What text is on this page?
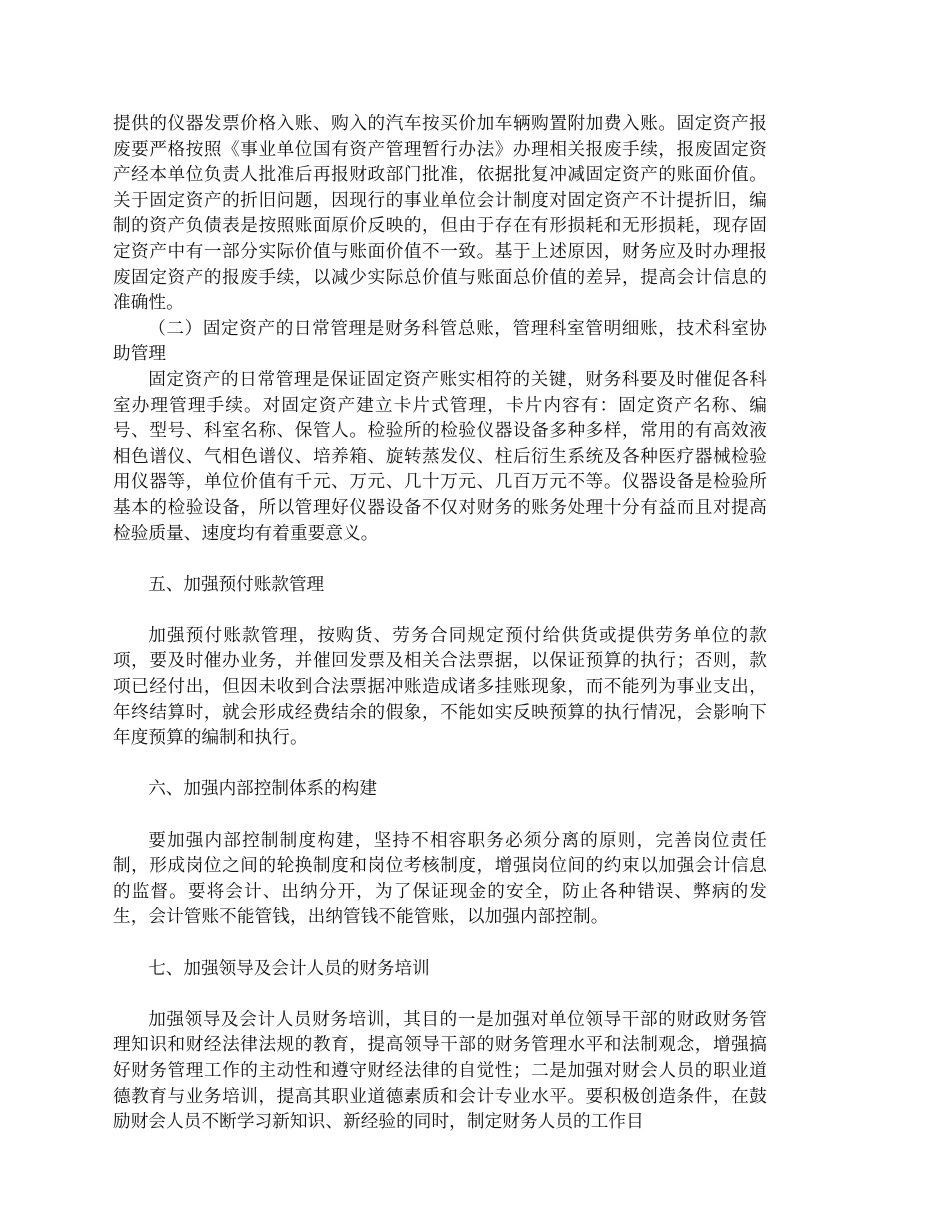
提供的仪器发票价格入账、购入的汽车按买价加车辆购置附加费入账。固定资产报废要严格按照《事业单位国有资产管理暂行办法》办理相关报废手续，报废固定资产经本单位负责人批准后再报财政部门批准，依据批复冲减固定资产的账面价值。关于固定资产的折旧问题，因现行的事业单位会计制度对固定资产不计提折旧，编制的资产负债表是按照账面原价反映的，但由于存在有形损耗和无形损耗，现存固定资产中有一部分实际价值与账面价值不一致。基于上述原因，财务应及时办理报废固定资产的报废手续，以减少实际总价值与账面总价值的差异，提高会计信息的准确性。

（二）固定资产的日常管理是财务科管总账，管理科室管明细账，技术科室协助管理

固定资产的日常管理是保证固定资产账实相符的关键，财务科要及时催促各科室办理管理手续。对固定资产建立卡片式管理，卡片内容有：固定资产名称、编号、型号、科室名称、保管人。检验所的检验仪器设备多种多样，常用的有高效液相色谱仪、气相色谱仪、培养箱、旋转蒸发仪、柱后衍生系统及各种医疗器械检验用仪器等，单位价值有千元、万元、几十万元、几百万元不等。仪器设备是检验所基本的检验设备，所以管理好仪器设备不仅对财务的账务处理十分有益而且对提高检验质量、速度均有着重要意义。

五、加强预付账款管理

加强预付账款管理，按购货、劳务合同规定预付给供货或提供劳务单位的款项，要及时催办业务，并催回发票及相关合法票据，以保证预算的执行；否则，款项已经付出，但因未收到合法票据冲账造成诸多挂账现象，而不能列为事业支出，年终结算时，就会形成经费结余的假象，不能如实反映预算的执行情况，会影响下年度预算的编制和执行。

六、加强内部控制体系的构建

要加强内部控制制度构建，坚持不相容职务必须分离的原则，完善岗位责任制，形成岗位之间的轮换制度和岗位考核制度，增强岗位间的约束以加强会计信息的监督。要将会计、出纳分开，为了保证现金的安全，防止各种错误、弊病的发生，会计管账不能管钱，出纳管钱不能管账，以加强内部控制。

七、加强领导及会计人员的财务培训

加强领导及会计人员财务培训，其目的一是加强对单位领导干部的财政财务管理知识和财经法律法规的教育，提高领导干部的财务管理水平和法制观念，增强搞好财务管理工作的主动性和遵守财经法律的自觉性；二是加强对财会人员的职业道德教育与业务培训，提高其职业道德素质和会计专业水平。要积极创造条件，在鼓励财会人员不断学习新知识、新经验的同时，制定财务人员的工作目
